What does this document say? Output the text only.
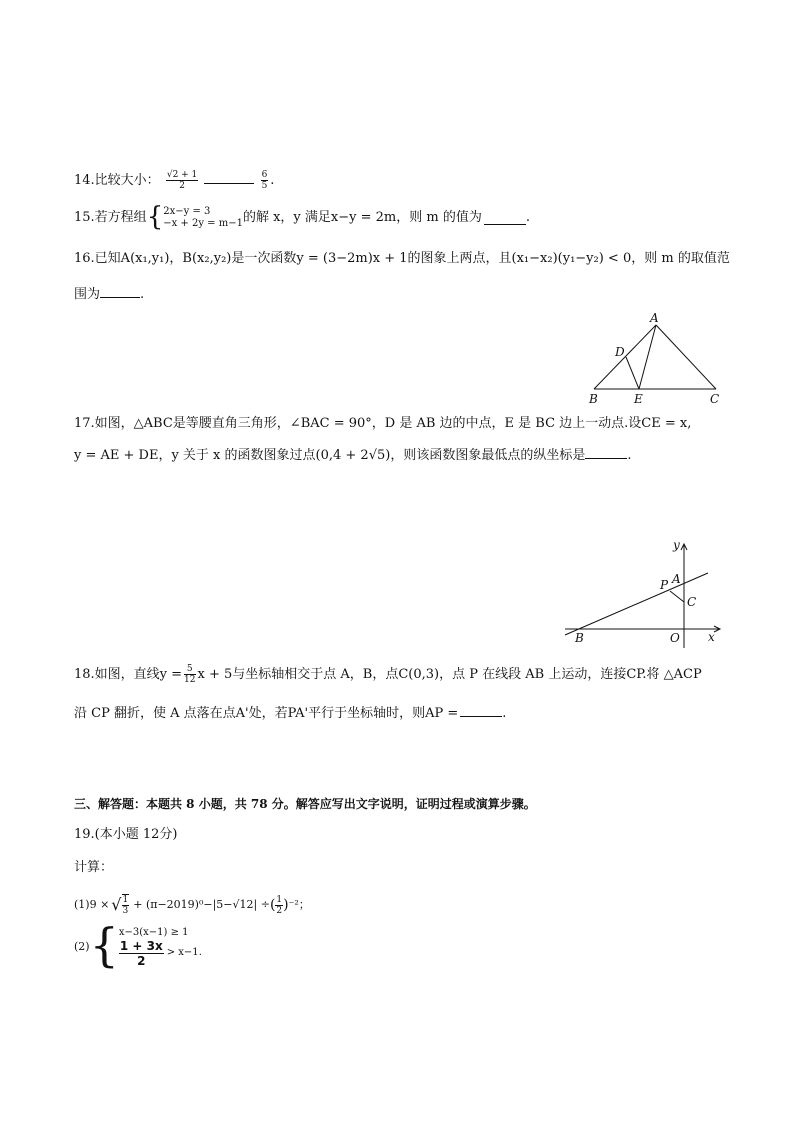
14.比较大小： $\frac{√2 + 1}{2}$
	$\frac{6}{5}$ .
15.若方程组 { 2x−y = 3
−x + 2y = m−1 的解 x，y 满足x−y = 2m，则 m 的值为	.
16.已知A(x₁,y₁)，B(x₂,y₂)是一次函数y = (3−2m)x + 1的图象上两点，且(x₁−x₂)(y₁−y₂) < 0，则 m 的取值范
围为	.
A
D
B	E	C
17.如图，△ABC是等腰直角三角形，∠BAC = 90°，D 是 AB 边的中点，E 是 BC 边上一动点.设CE = x,
y = AE + DE，y 关于 x 的函数图象过点(0,4 + 2√5)，则该函数图象最低点的纵坐标是	.
y
x
A
P
C
B	O
18.如图，直线$y = \frac{5}{12}$ x + 5与坐标轴相交于点 A，B，点C(0,3)，点 P 在线段 AB 上运动，连接CP.将 △ACP
沿 CP 翻折，使 A 点落在点A'处，若PA'平行于坐标轴时，则AP =	.
三、解答题：本题共 8 小题，共 78 分。解答应写出文字说明，证明过程或演算步骤。
19.(本小题 12分)
计算：
(1)9 × √ $\frac{1}{3} + (\pi-2019)^0-|5-√12|$ ÷ ( $\frac{1}{2}$ ) ⁻²；
(2) { x−3(x−1) ≥ 1
$\frac{1 + 3x}{2} > x-1$ .
